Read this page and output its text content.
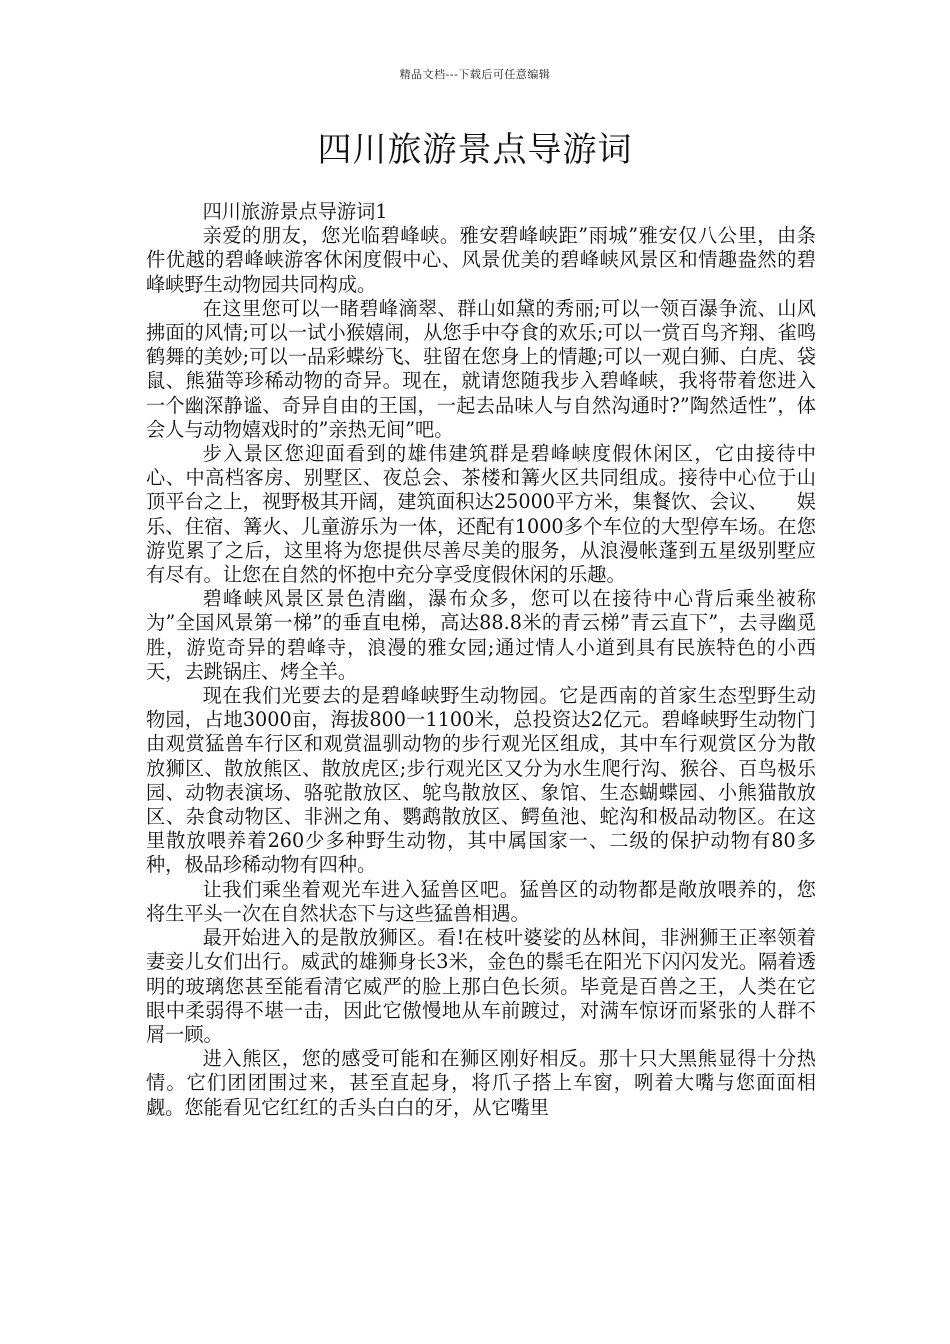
精品文档---下载后可任意编辑
四川旅游景点导游词

四川旅游景点导游词1

亲爱的朋友，您光临碧峰峡。雅安碧峰峡距”雨城”雅安仅八公里，由条件优越的碧峰峡游客休闲度假中心、风景优美的碧峰峡风景区和情趣盎然的碧峰峡野生动物园共同构成。

在这里您可以一睹碧峰滴翠、群山如黛的秀丽;可以一领百瀑争流、山风拂面的风情;可以一试小猴嬉闹，从您手中夺食的欢乐;可以一赏百鸟齐翔、雀鸣鹤舞的美妙;可以一品彩蝶纷飞、驻留在您身上的情趣;可以一观白狮、白虎、袋鼠、熊猫等珍稀动物的奇异。现在，就请您随我步入碧峰峡，我将带着您进入一个幽深静谧、奇异自由的王国，一起去品味人与自然沟通时?”陶然适性”，体会人与动物嬉戏时的”亲热无间”吧。

步入景区您迎面看到的雄伟建筑群是碧峰峡度假休闲区，它由接待中心、中高档客房、别墅区、夜总会、茶楼和篝火区共同组成。接待中心位于山顶平台之上，视野极其开阔，建筑面积达25000平方米，集餐饮、会议、　　娱乐、住宿、篝火、儿童游乐为一体，还配有1000多个车位的大型停车场。在您游览累了之后，这里将为您提供尽善尽美的服务，从浪漫帐蓬到五星级别墅应有尽有。让您在自然的怀抱中充分享受度假休闲的乐趣。

碧峰峡风景区景色清幽，瀑布众多，您可以在接待中心背后乘坐被称为”全国风景第一梯”的垂直电梯，高达88.8米的青云梯”青云直下”，去寻幽觅胜，游览奇异的碧峰寺，浪漫的雅女园;通过情人小道到具有民族特色的小西天，去跳锅庄、烤全羊。

现在我们光要去的是碧峰峡野生动物园。它是西南的首家生态型野生动物园，占地3000亩，海拔800一1100米，总投资达2亿元。碧峰峡野生动物门由观赏猛兽车行区和观赏温驯动物的步行观光区组成，其中车行观赏区分为散放狮区、散放熊区、散放虎区;步行观光区又分为水生爬行沟、猴谷、百鸟极乐园、动物表演场、骆驼散放区、鸵鸟散放区、象馆、生态蝴蝶园、小熊猫散放区、杂食动物区、非洲之角、鹦鹉散放区、鳄鱼池、蛇沟和极品动物区。在这里散放喂养着260少多种野生动物，其中属国家一、二级的保护动物有80多种，极品珍稀动物有四种。

让我们乘坐着观光车进入猛兽区吧。猛兽区的动物都是敞放喂养的，您将生平头一次在自然状态下与这些猛兽相遇。

最开始进入的是散放狮区。看!在枝叶婆娑的丛林间，非洲狮王正率领着妻妾儿女们出行。威武的雄狮身长3米，金色的鬃毛在阳光下闪闪发光。隔着透明的玻璃您甚至能看清它威严的脸上那白色长须。毕竟是百兽之王，人类在它眼中柔弱得不堪一击，因此它傲慢地从车前踱过，对满车惊讶而紧张的人群不屑一顾。

进入熊区，您的感受可能和在狮区刚好相反。那十只大黑熊显得十分热情。它们团团围过来，甚至直起身，将爪子搭上车窗，咧着大嘴与您面面相觑。您能看见它红红的舌头白白的牙，从它嘴里
